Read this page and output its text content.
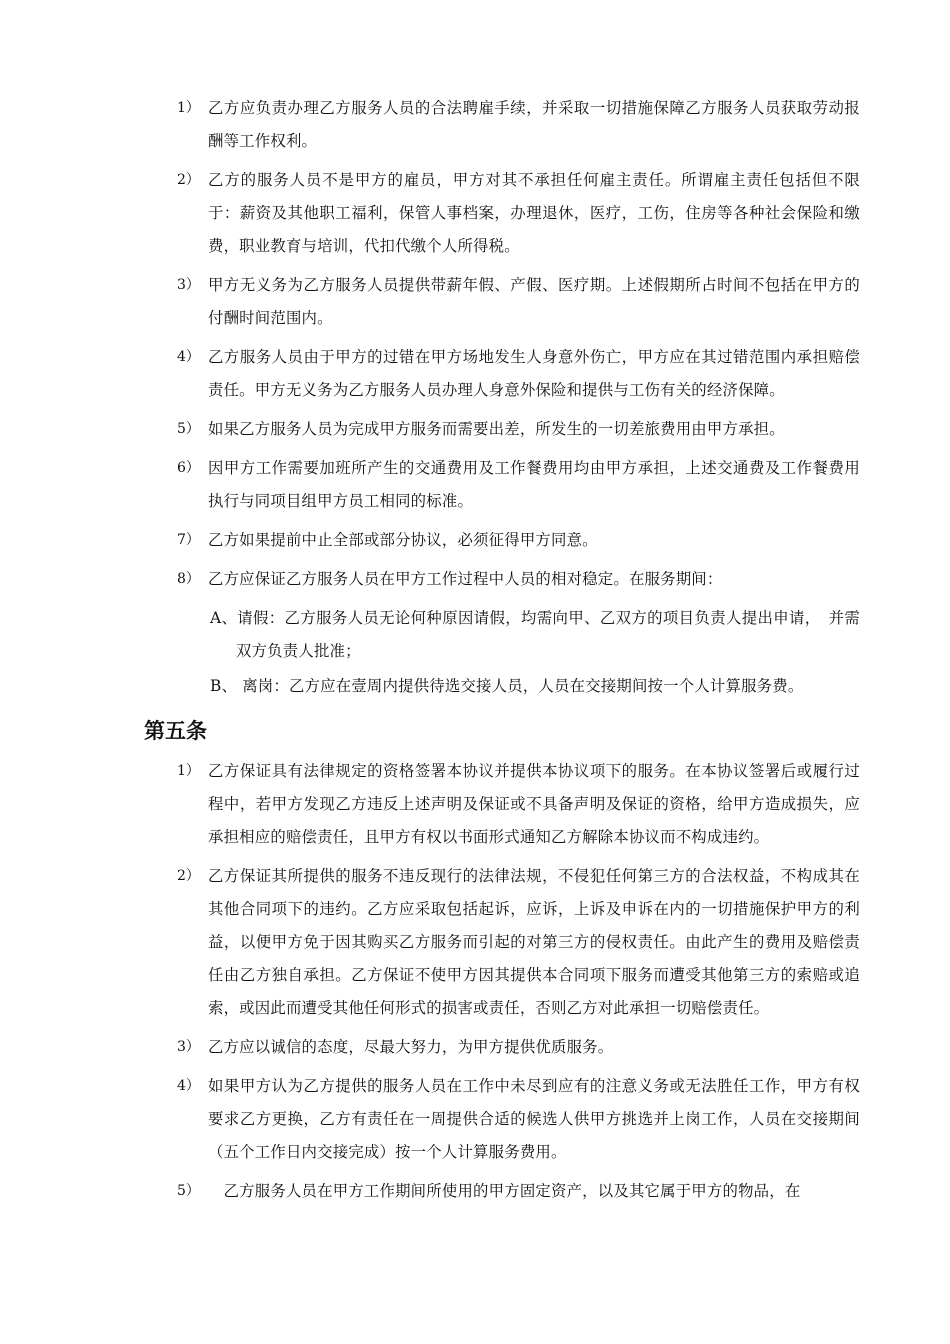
1） 乙方应负责办理乙方服务人员的合法聘雇手续，并采取一切措施保障乙方服务人员获取劳动报酬等工作权利。
2） 乙方的服务人员不是甲方的雇员，甲方对其不承担任何雇主责任。所谓雇主责任包括但不限于：薪资及其他职工福利，保管人事档案，办理退休，医疗，工伤，住房等各种社会保险和缴费，职业教育与培训，代扣代缴个人所得税。
3） 甲方无义务为乙方服务人员提供带薪年假、产假、医疗期。上述假期所占时间不包括在甲方的付酬时间范围内。
4） 乙方服务人员由于甲方的过错在甲方场地发生人身意外伤亡，甲方应在其过错范围内承担赔偿责任。甲方无义务为乙方服务人员办理人身意外保险和提供与工伤有关的经济保障。
5） 如果乙方服务人员为完成甲方服务而需要出差，所发生的一切差旅费用由甲方承担。
6） 因甲方工作需要加班所产生的交通费用及工作餐费用均由甲方承担，上述交通费及工作餐费用执行与同项目组甲方员工相同的标准。
7） 乙方如果提前中止全部或部分协议，必须征得甲方同意。
8） 乙方应保证乙方服务人员在甲方工作过程中人员的相对稳定。在服务期间：
A、请假：乙方服务人员无论何种原因请假，均需向甲、乙双方的项目负责人提出申请，　并需双方负责人批准；
B、 离岗：乙方应在壹周内提供待选交接人员，人员在交接期间按一个人计算服务费。
第五条
1） 乙方保证具有法律规定的资格签署本协议并提供本协议项下的服务。在本协议签署后或履行过程中，若甲方发现乙方违反上述声明及保证或不具备声明及保证的资格，给甲方造成损失，应承担相应的赔偿责任，且甲方有权以书面形式通知乙方解除本协议而不构成违约。
2） 乙方保证其所提供的服务不违反现行的法律法规，不侵犯任何第三方的合法权益，不构成其在其他合同项下的违约。乙方应采取包括起诉，应诉，上诉及申诉在内的一切措施保护甲方的利益，以便甲方免于因其购买乙方服务而引起的对第三方的侵权责任。由此产生的费用及赔偿责任由乙方独自承担。乙方保证不使甲方因其提供本合同项下服务而遭受其他第三方的索赔或追索，或因此而遭受其他任何形式的损害或责任，否则乙方对此承担一切赔偿责任。
3） 乙方应以诚信的态度，尽最大努力，为甲方提供优质服务。
4） 如果甲方认为乙方提供的服务人员在工作中未尽到应有的注意义务或无法胜任工作，甲方有权要求乙方更换，乙方有责任在一周提供合适的候选人供甲方挑选并上岗工作，人员在交接期间（五个工作日内交接完成）按一个人计算服务费用。
5） 　乙方服务人员在甲方工作期间所使用的甲方固定资产，以及其它属于甲方的物品，在
